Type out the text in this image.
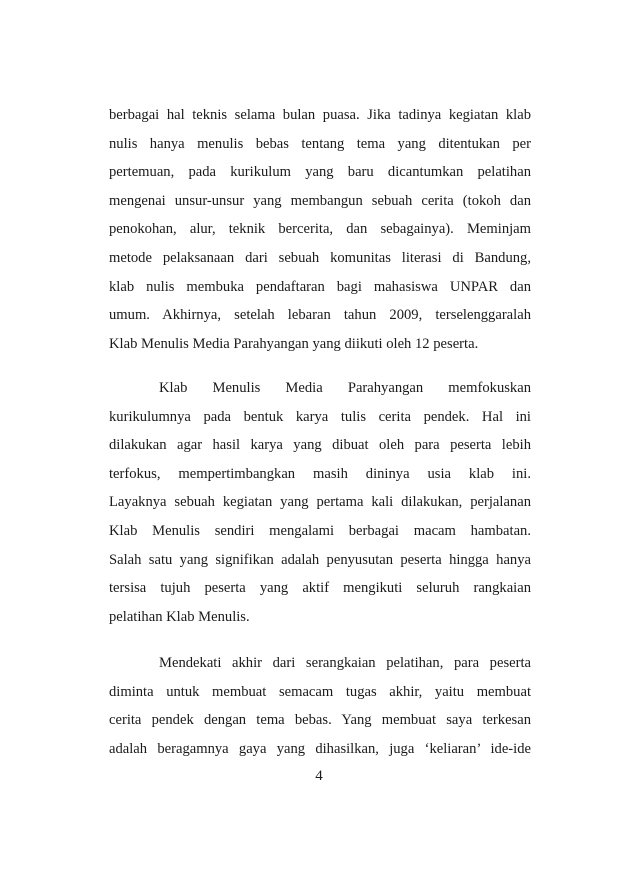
berbagai hal teknis selama bulan puasa. Jika tadinya kegiatan klab
nulis hanya menulis bebas tentang tema yang ditentukan per
pertemuan, pada kurikulum yang baru dicantumkan pelatihan
mengenai unsur-unsur yang membangun sebuah cerita (tokoh dan
penokohan, alur, teknik bercerita, dan sebagainya). Meminjam
metode pelaksanaan dari sebuah komunitas literasi di Bandung,
klab nulis membuka pendaftaran bagi mahasiswa UNPAR dan
umum. Akhirnya, setelah lebaran tahun 2009, terselenggaralah
Klab Menulis Media Parahyangan yang diikuti oleh 12 peserta.
Klab Menulis Media Parahyangan memfokuskan
kurikulumnya pada bentuk karya tulis cerita pendek. Hal ini
dilakukan agar hasil karya yang dibuat oleh para peserta lebih
terfokus, mempertimbangkan masih dininya usia klab ini.
Layaknya sebuah kegiatan yang pertama kali dilakukan, perjalanan
Klab Menulis sendiri mengalami berbagai macam hambatan.
Salah satu yang signifikan adalah penyusutan peserta hingga hanya
tersisa tujuh peserta yang aktif mengikuti seluruh rangkaian
pelatihan Klab Menulis.
Mendekati akhir dari serangkaian pelatihan, para peserta
diminta untuk membuat semacam tugas akhir, yaitu membuat
cerita pendek dengan tema bebas. Yang membuat saya terkesan
adalah beragamnya gaya yang dihasilkan, juga ‘keliaran’ ide-ide
4
